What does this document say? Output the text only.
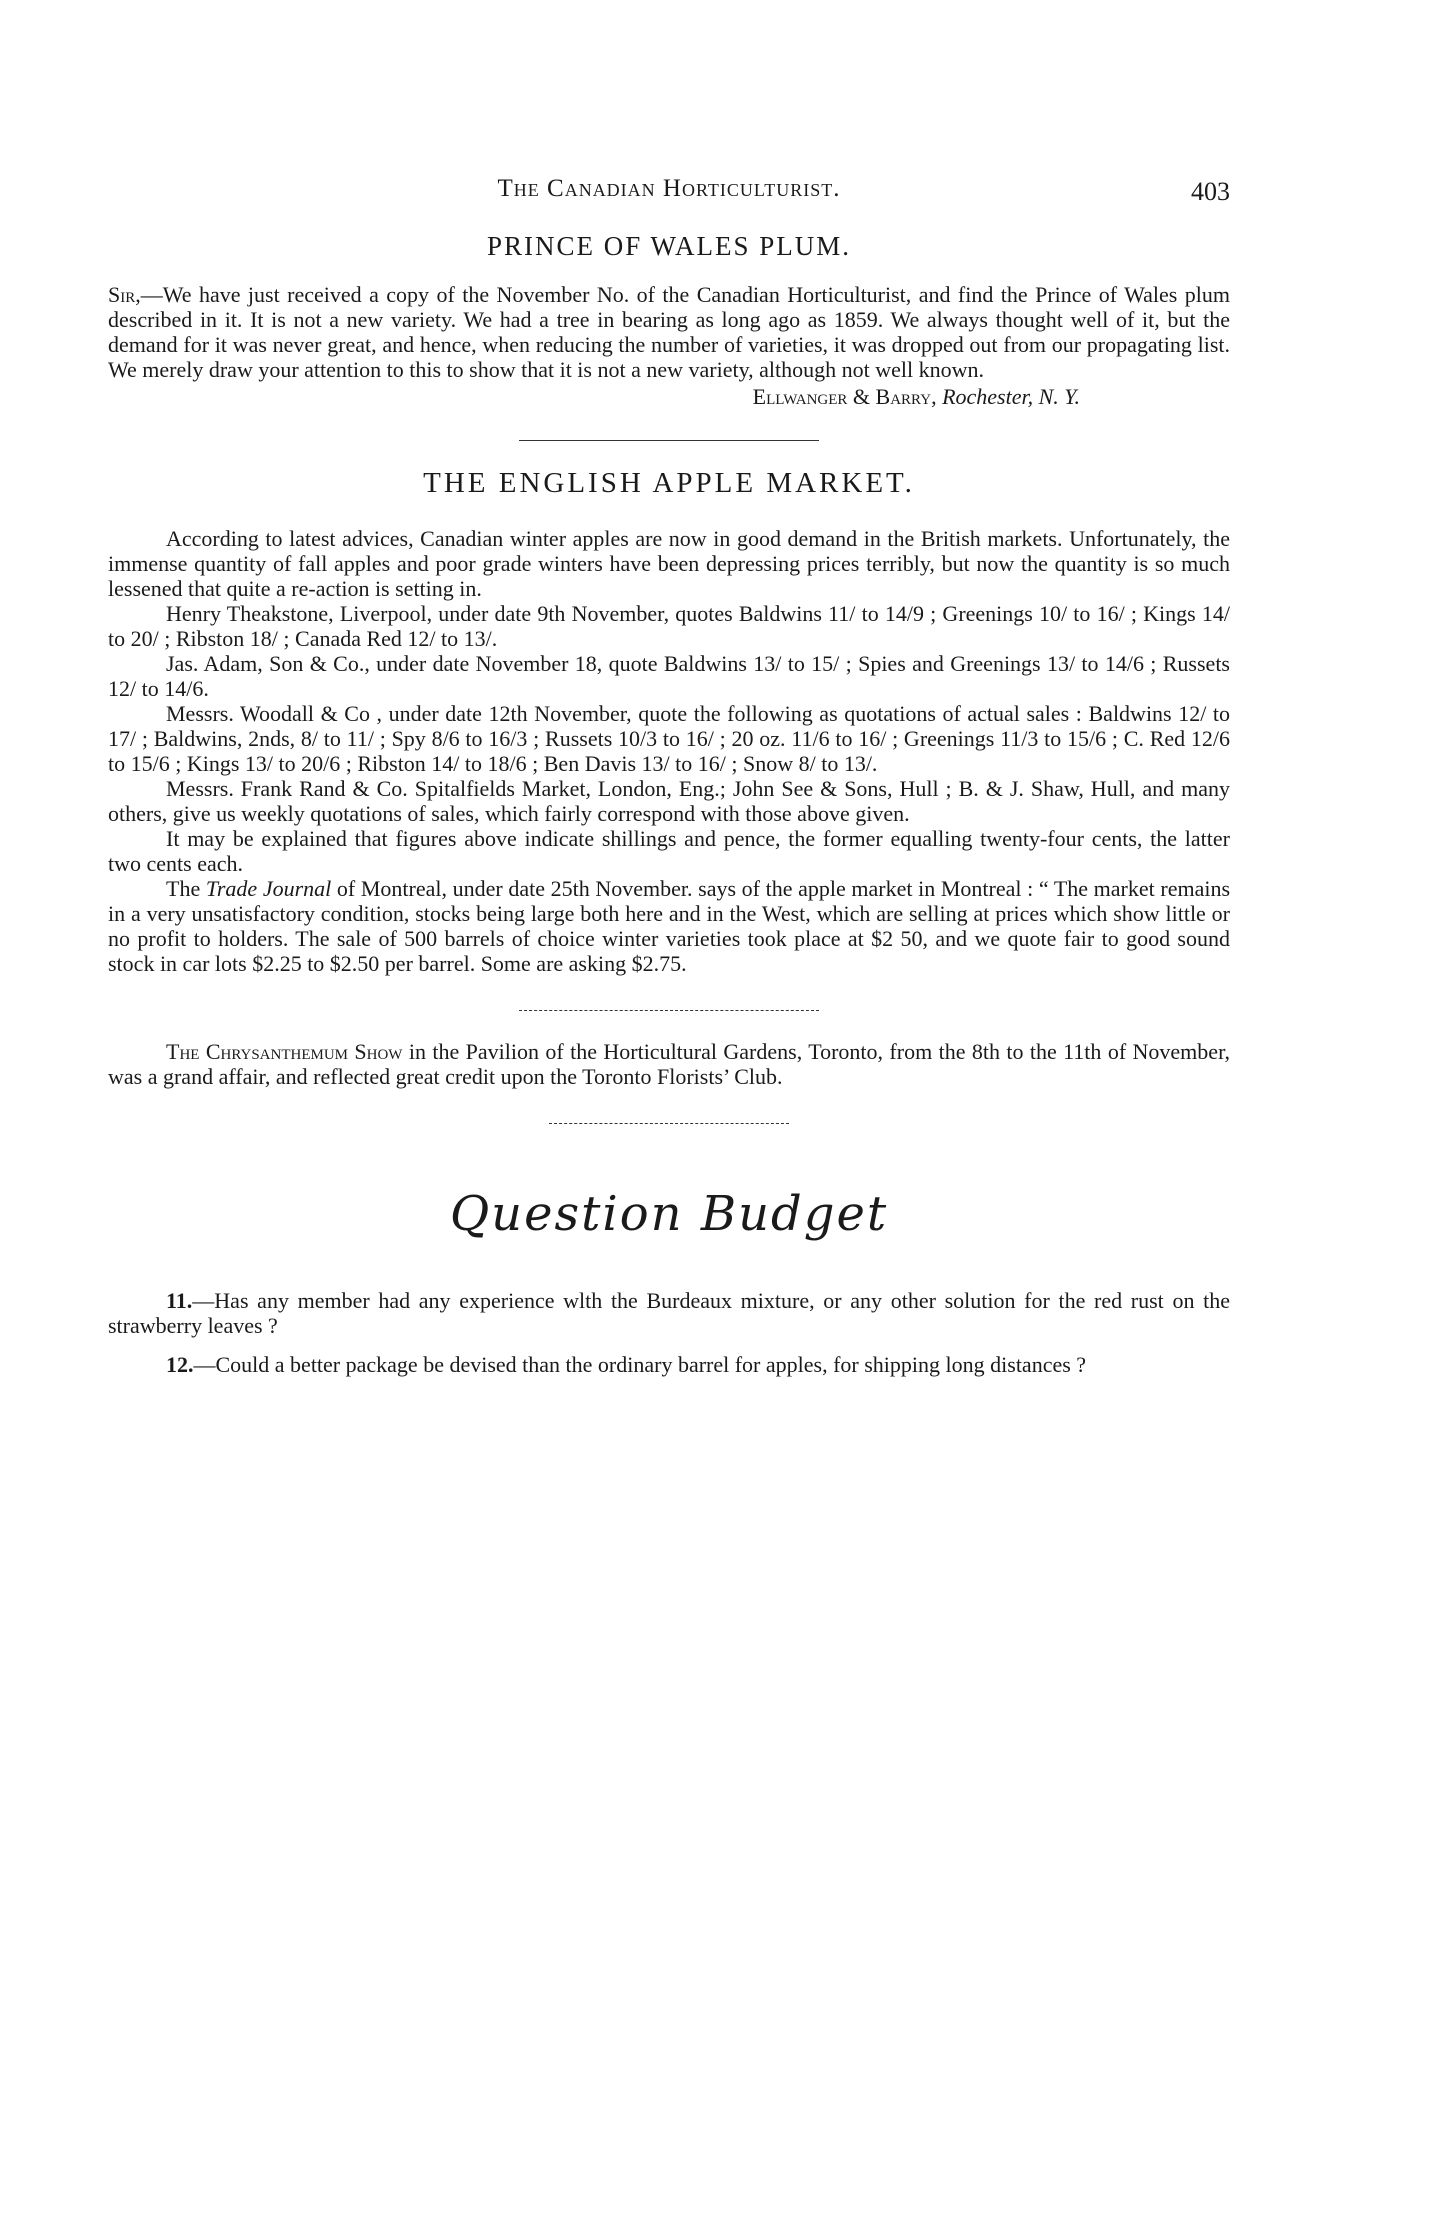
The Canadian Horticulturist.	403
PRINCE OF WALES PLUM.

Sir,—We have just received a copy of the November No. of the Canadian Horticulturist, and find the Prince of Wales plum described in it. It is not a new variety. We had a tree in bearing as long ago as 1859. We always thought well of it, but the demand for it was never great, and hence, when reducing the number of varieties, it was dropped out from our propagating list. We merely draw your attention to this to show that it is not a new variety, although not well known.

Ellwanger & Barry, Rochester, N. Y.
THE ENGLISH APPLE MARKET.

According to latest advices, Canadian winter apples are now in good demand in the British markets. Unfortunately, the immense quantity of fall apples and poor grade winters have been depressing prices terribly, but now the quantity is so much lessened that quite a re-action is setting in.

Henry Theakstone, Liverpool, under date 9th November, quotes Baldwins 11/ to 14/9 ; Greenings 10/ to 16/ ; Kings 14/ to 20/ ; Ribston 18/ ; Canada Red 12/ to 13/.

Jas. Adam, Son & Co., under date November 18, quote Baldwins 13/ to 15/ ; Spies and Greenings 13/ to 14/6 ; Russets 12/ to 14/6.

Messrs. Woodall & Co , under date 12th November, quote the following as quotations of actual sales : Baldwins 12/ to 17/ ; Baldwins, 2nds, 8/ to 11/ ; Spy 8/6 to 16/3 ; Russets 10/3 to 16/ ; 20 oz. 11/6 to 16/ ; Greenings 11/3 to 15/6 ; C. Red 12/6 to 15/6 ; Kings 13/ to 20/6 ; Ribston 14/ to 18/6 ; Ben Davis 13/ to 16/ ; Snow 8/ to 13/.

Messrs. Frank Rand & Co. Spitalfields Market, London, Eng.; John See & Sons, Hull ; B. & J. Shaw, Hull, and many others, give us weekly quotations of sales, which fairly correspond with those above given.

It may be explained that figures above indicate shillings and pence, the former equalling twenty-four cents, the latter two cents each.

The Trade Journal of Montreal, under date 25th November. says of the apple market in Montreal : “ The market remains in a very unsatisfactory condition, stocks being large both here and in the West, which are selling at prices which show little or no profit to holders. The sale of 500 barrels of choice winter varieties took place at $2 50, and we quote fair to good sound stock in car lots $2.25 to $2.50 per barrel. Some are asking $2.75.

The Chrysanthemum Show in the Pavilion of the Horticultural Gardens, Toronto, from the 8th to the 11th of November, was a grand affair, and reflected great credit upon the Toronto Florists’ Club.

Question Budget

11.—Has any member had any experience wlth the Burdeaux mixture, or any other solution for the red rust on the strawberry leaves ?

12.—Could a better package be devised than the ordinary barrel for apples, for shipping long distances ?
